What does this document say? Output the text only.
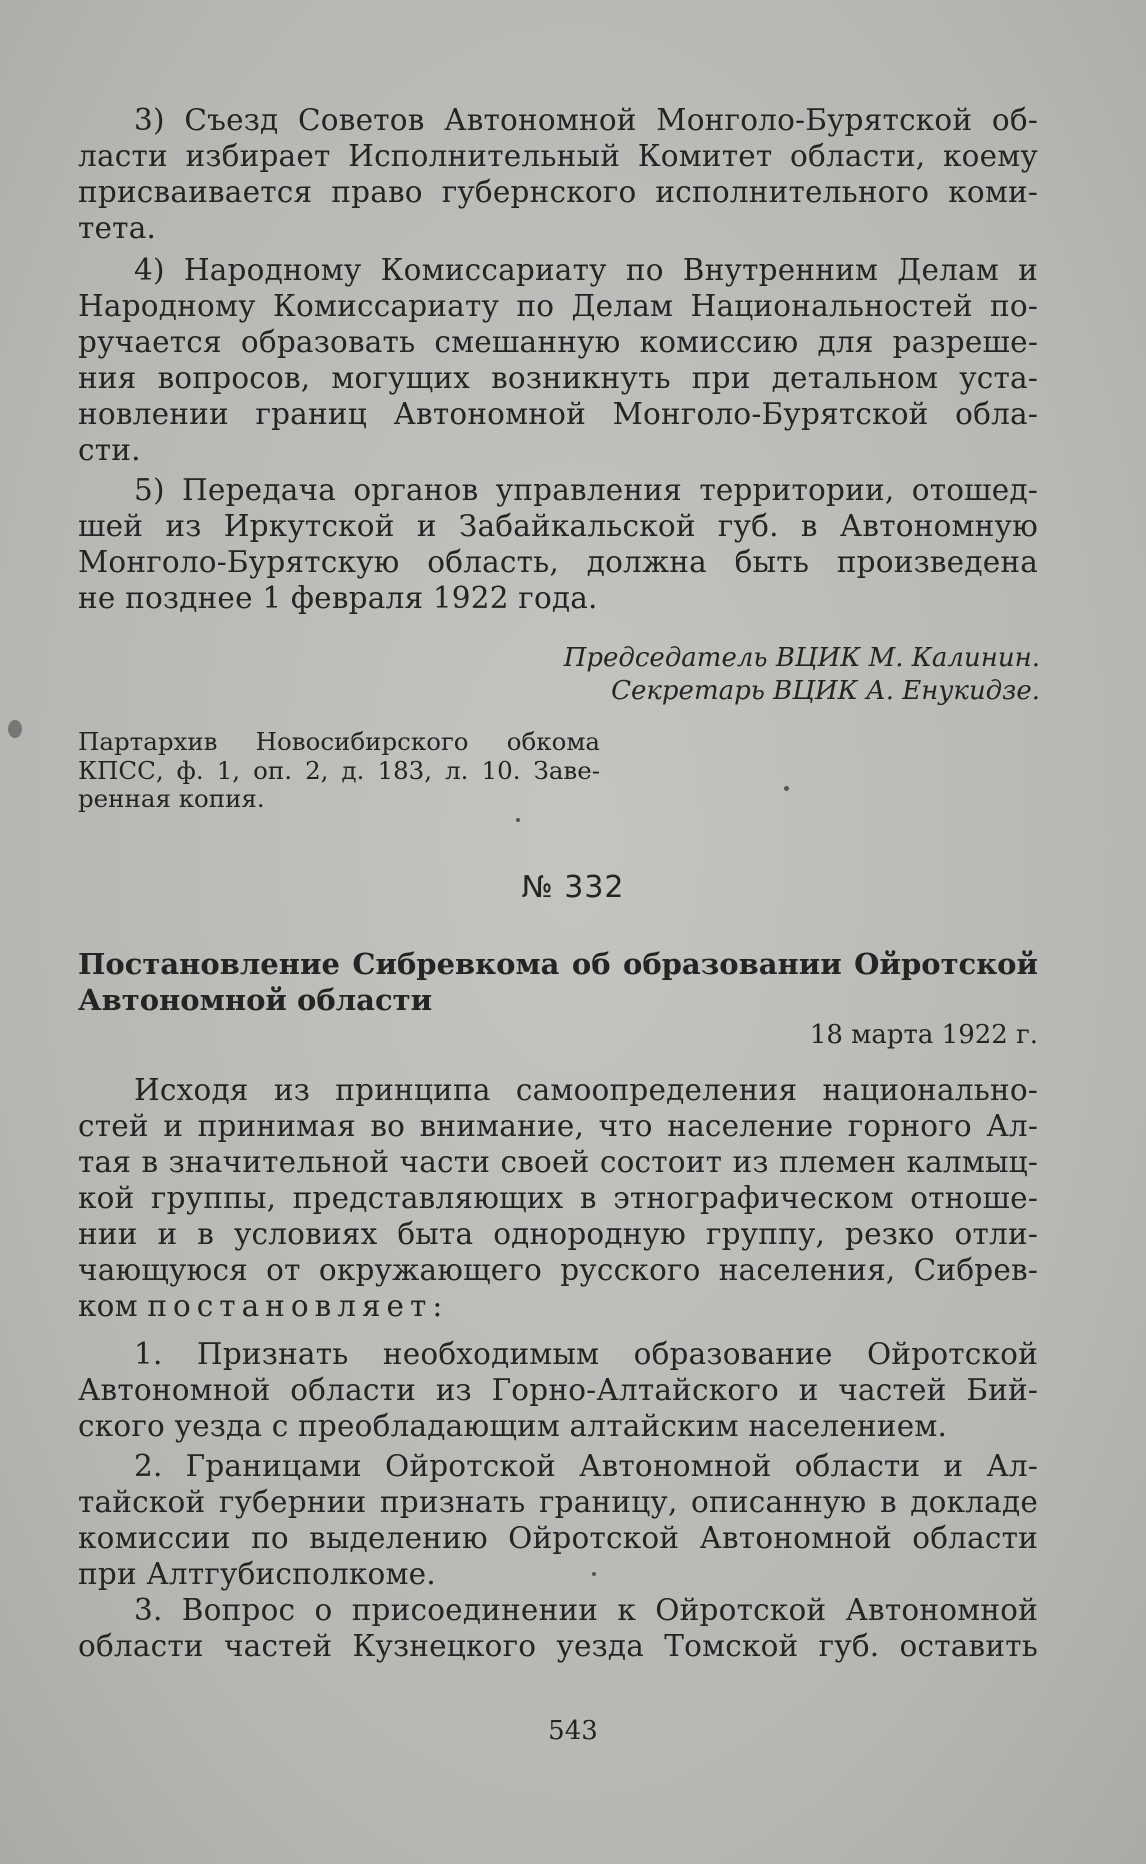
3) Съезд Советов Автономной Монголо-Бурятской об-
ласти избирает Исполнительный Комитет области, коему
присваивается право губернского исполнительного коми-
тета.
4) Народному Комиссариату по Внутренним Делам и
Народному Комиссариату по Делам Национальностей по-
ручается образовать смешанную комиссию для разреше-
ния вопросов, могущих возникнуть при детальном уста-
новлении границ Автономной Монголо-Бурятской обла-
сти.
5) Передача органов управления территории, отошед-
шей из Иркутской и Забайкальской губ. в Автономную
Монголо-Бурятскую область, должна быть произведена
не позднее 1 февраля 1922 года.
Председатель ВЦИК М. Калинин.
Секретарь ВЦИК А. Енукидзе.
Партархив Новосибирского обкома
КПСС, ф. 1, оп. 2, д. 183, л. 10. Заве-
ренная копия.
№ 332
Постановление Сибревкома об образовании Ойротской
Автономной области
18 марта 1922 г.
Исходя из принципа самоопределения национально-
стей и принимая во внимание, что население горного Ал-
тая в значительной части своей состоит из племен калмыц-
кой группы, представляющих в этнографическом отноше-
нии и в условиях быта однородную группу, резко отли-
чающуюся от окружающего русского населения, Сибрев-
ком постановляет:
1. Признать необходимым образование Ойротской
Автономной области из Горно-Алтайского и частей Бий-
ского уезда с преобладающим алтайским населением.
2. Границами Ойротской Автономной области и Ал-
тайской губернии признать границу, описанную в докладе
комиссии по выделению Ойротской Автономной области
при Алтгубисполкоме.
3. Вопрос о присоединении к Ойротской Автономной
области частей Кузнецкого уезда Томской губ. оставить
543
